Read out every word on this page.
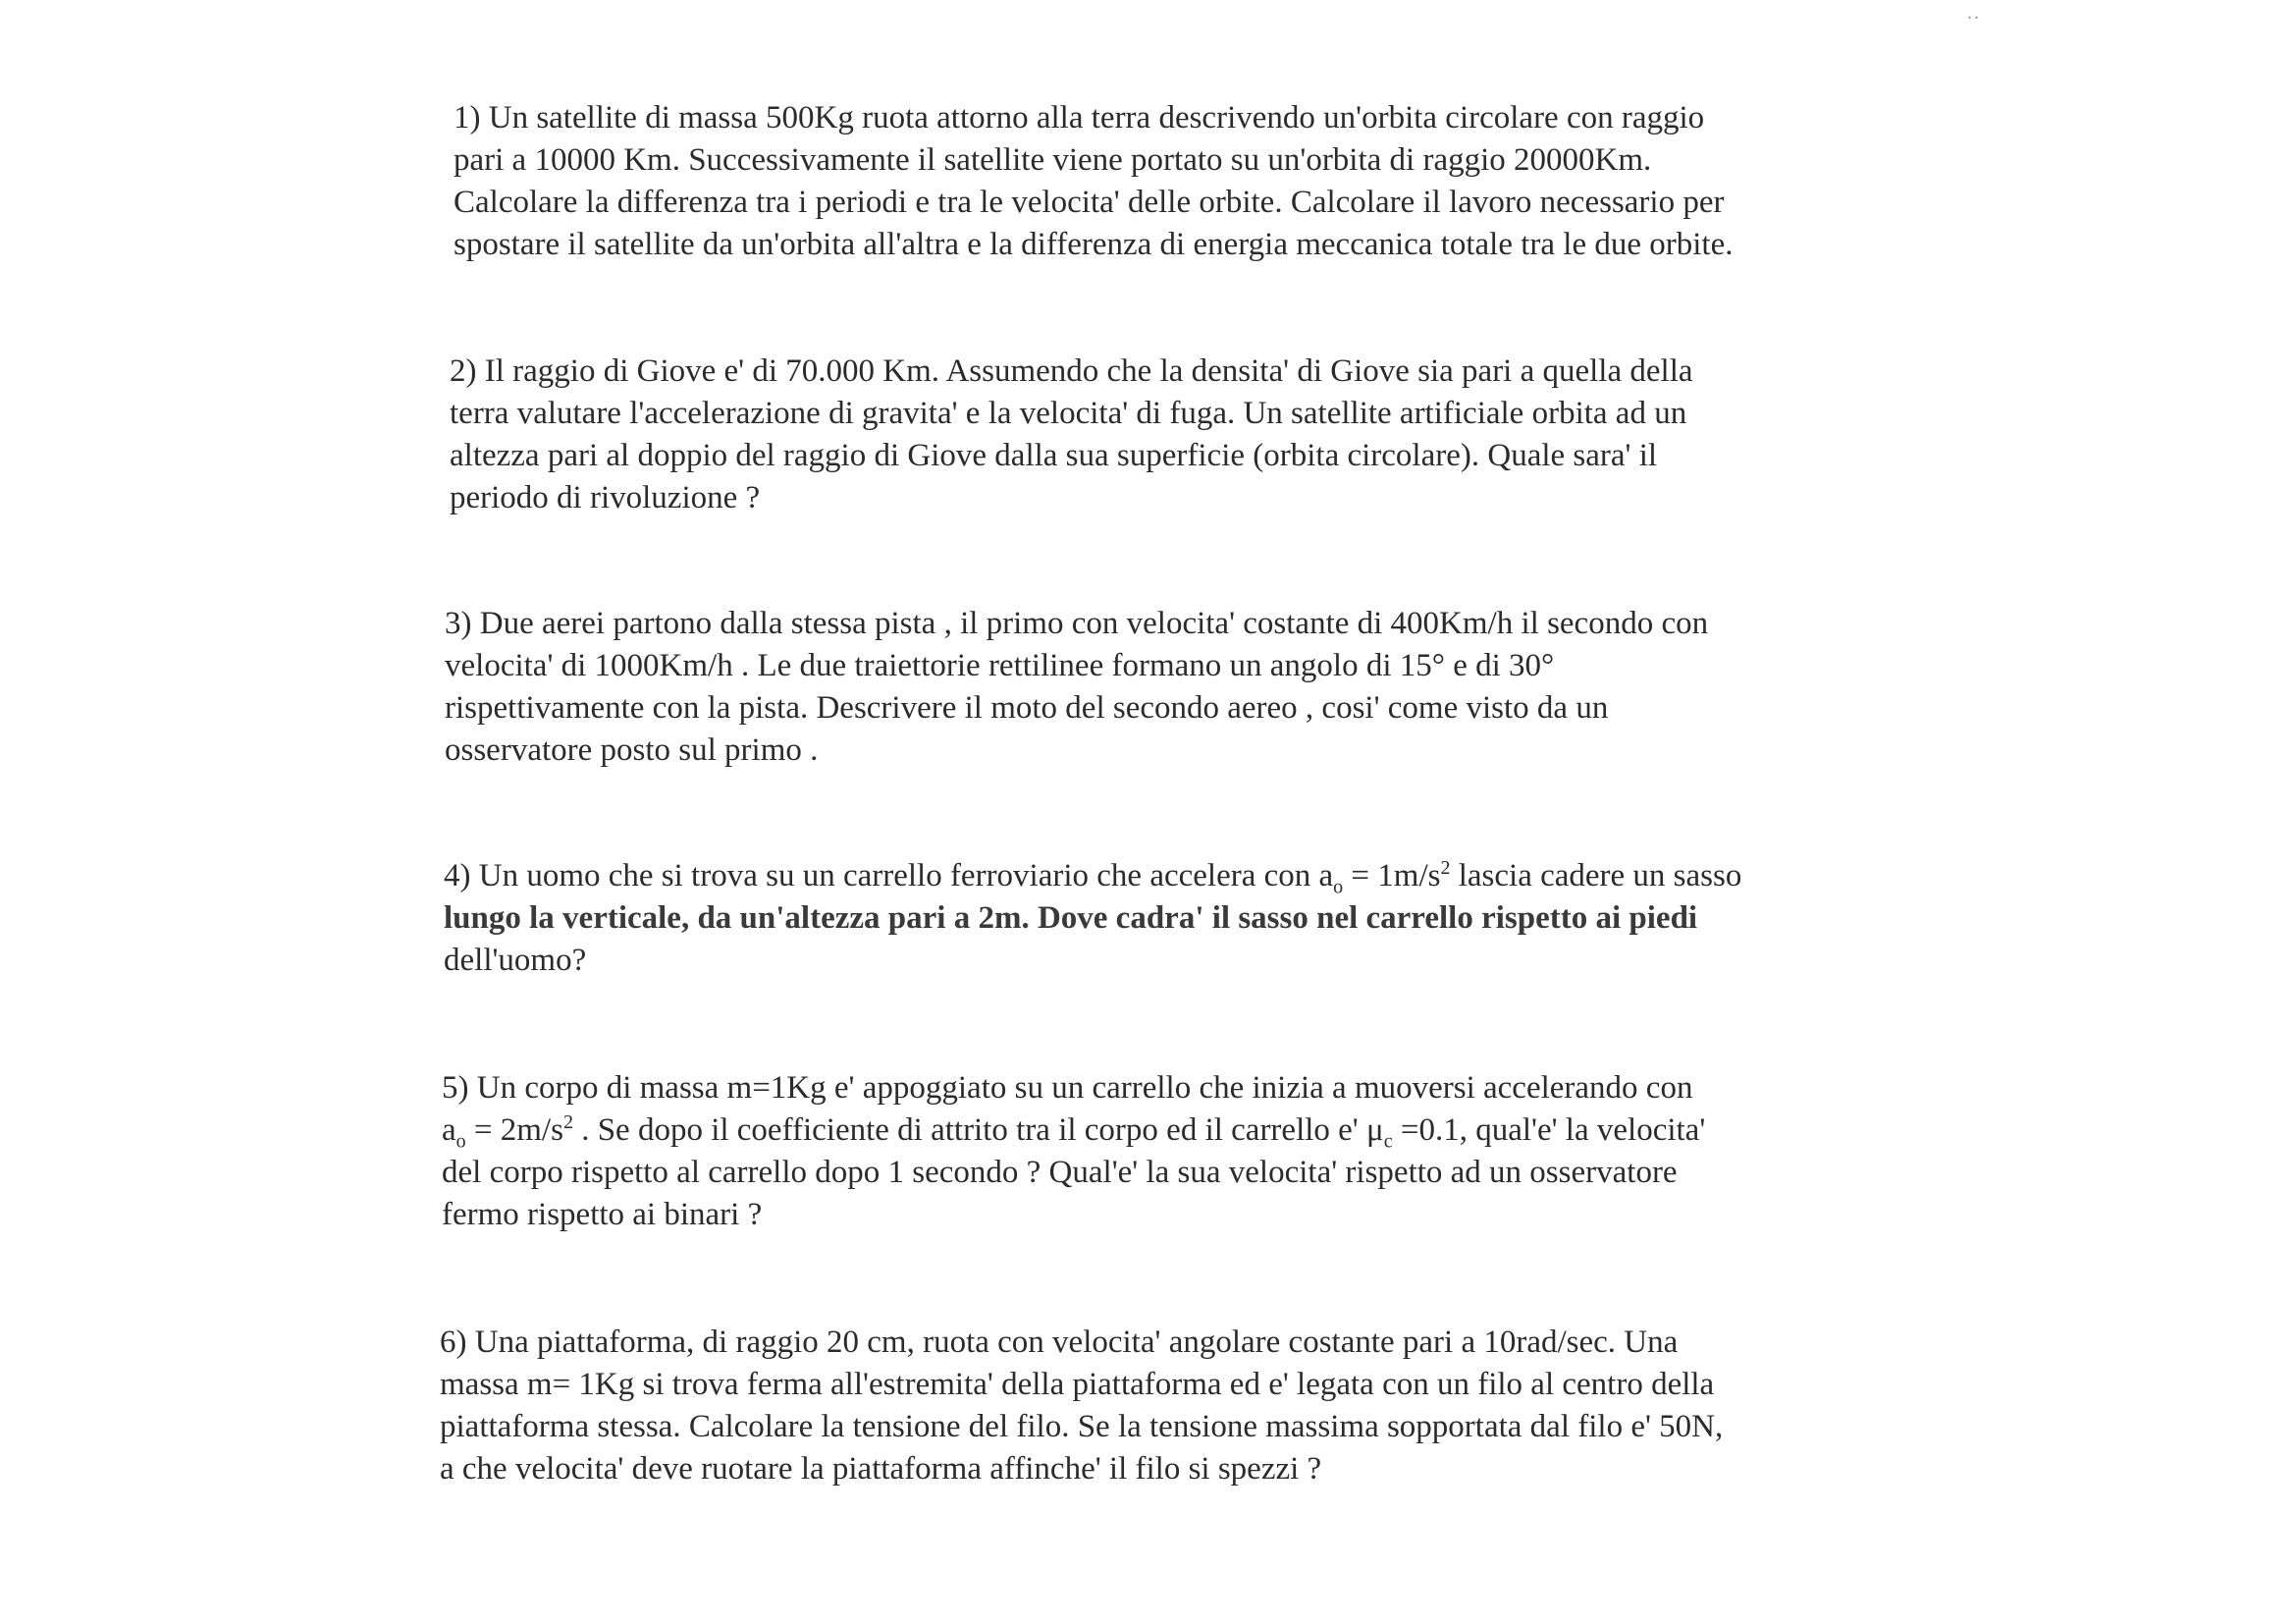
..
1) Un satellite di massa 500Kg ruota attorno alla terra descrivendo un'orbita circolare con raggio
pari a 10000 Km. Successivamente il satellite viene portato su un'orbita di raggio 20000Km.
Calcolare la differenza tra i periodi e tra le velocita' delle orbite. Calcolare il lavoro necessario per
spostare il satellite da un'orbita all'altra e la differenza di energia meccanica totale tra le due orbite.
2) Il raggio di Giove e' di 70.000 Km. Assumendo che la densita' di Giove sia pari a quella della
terra valutare l'accelerazione di gravita' e la velocita' di fuga. Un satellite artificiale orbita ad un
altezza pari al doppio del raggio di Giove dalla sua superficie (orbita circolare). Quale sara' il
periodo di rivoluzione ?
3) Due aerei partono dalla stessa pista , il primo con velocita' costante di 400Km/h il secondo con
velocita' di 1000Km/h . Le due traiettorie rettilinee formano un angolo di 15° e di 30°
rispettivamente con la pista. Descrivere il moto del secondo aereo , cosi' come visto da un
osservatore posto sul primo .
4) Un uomo che si trova su un carrello ferroviario che accelera con $a_o = 1m/s^2$ lascia cadere un sasso
lungo la verticale, da un'altezza pari a 2m. Dove cadra' il sasso nel carrello rispetto ai piedi
dell'uomo?
5) Un corpo di massa m=1Kg e' appoggiato su un carrello che inizia a muoversi accelerando con
$a_o = 2m/s^2$ . Se dopo il coefficiente di attrito tra il corpo ed il carrello e' $\mu_c =0.1$, qual'e' la velocita'
del corpo rispetto al carrello dopo 1 secondo ? Qual'e' la sua velocita' rispetto ad un osservatore
fermo rispetto ai binari ?
6) Una piattaforma, di raggio 20 cm, ruota con velocita' angolare costante pari a 10rad/sec. Una
massa m= 1Kg si trova ferma all'estremita' della piattaforma ed e' legata con un filo al centro della
piattaforma stessa. Calcolare la tensione del filo. Se la tensione massima sopportata dal filo e' 50N,
a che velocita' deve ruotare la piattaforma affinche' il filo si spezzi ?
